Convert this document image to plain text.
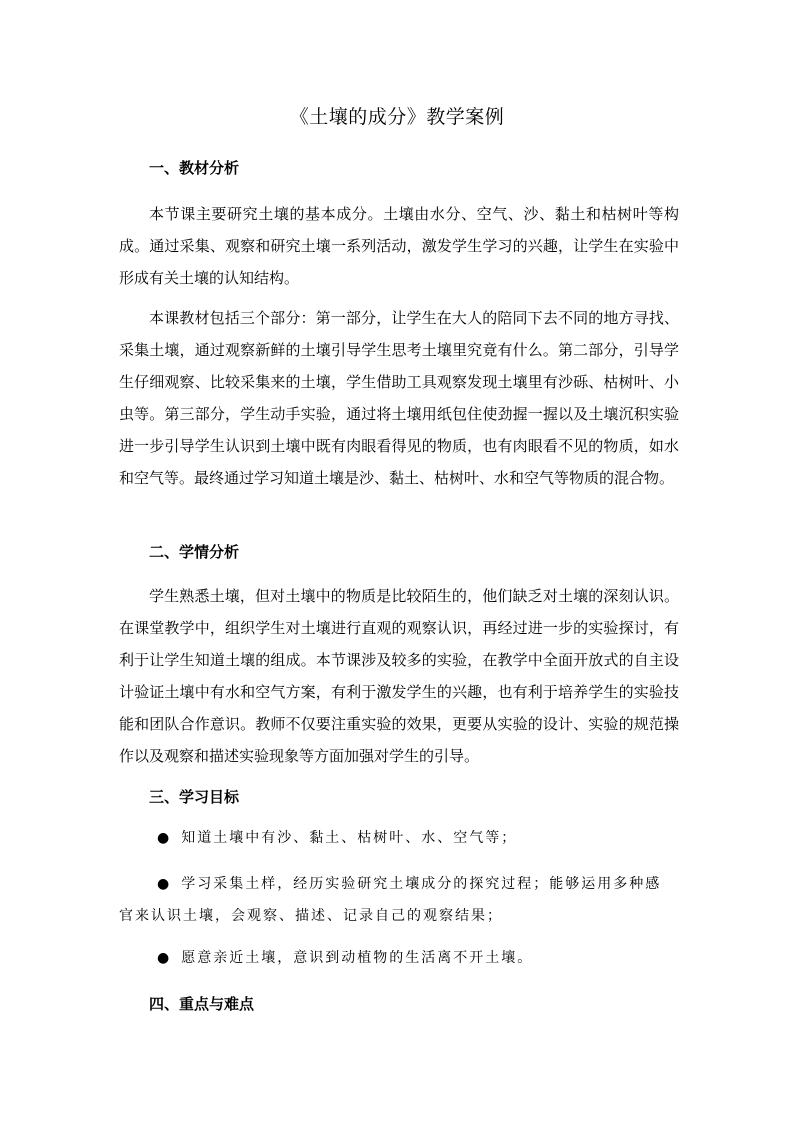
《土壤的成分》教学案例
一、教材分析

本节课主要研究土壤的基本成分。土壤由水分、空气、沙、黏土和枯树叶等构成。通过采集、观察和研究土壤一系列活动，激发学生学习的兴趣，让学生在实验中形成有关土壤的认知结构。

本课教材包括三个部分：第一部分，让学生在大人的陪同下去不同的地方寻找、采集土壤，通过观察新鲜的土壤引导学生思考土壤里究竟有什么。第二部分，引导学生仔细观察、比较采集来的土壤，学生借助工具观察发现土壤里有沙砾、枯树叶、小虫等。第三部分，学生动手实验，通过将土壤用纸包住使劲握一握以及土壤沉积实验进一步引导学生认识到土壤中既有肉眼看得见的物质，也有肉眼看不见的物质，如水和空气等。最终通过学习知道土壤是沙、黏土、枯树叶、水和空气等物质的混合物。

二、学情分析

学生熟悉土壤，但对土壤中的物质是比较陌生的，他们缺乏对土壤的深刻认识。在课堂教学中，组织学生对土壤进行直观的观察认识，再经过进一步的实验探讨，有利于让学生知道土壤的组成。本节课涉及较多的实验，在教学中全面开放式的自主设计验证土壤中有水和空气方案，有利于激发学生的兴趣，也有利于培养学生的实验技能和团队合作意识。教师不仅要注重实验的效果，更要从实验的设计、实验的规范操作以及观察和描述实验现象等方面加强对学生的引导。

三、学习目标
● 知道土壤中有沙、黏土、枯树叶、水、空气等；
● 学习采集土样，经历实验研究土壤成分的探究过程；能够运用多种感官来认识土壤，会观察、描述、记录自己的观察结果；
● 愿意亲近土壤，意识到动植物的生活离不开土壤。
四、重点与难点
